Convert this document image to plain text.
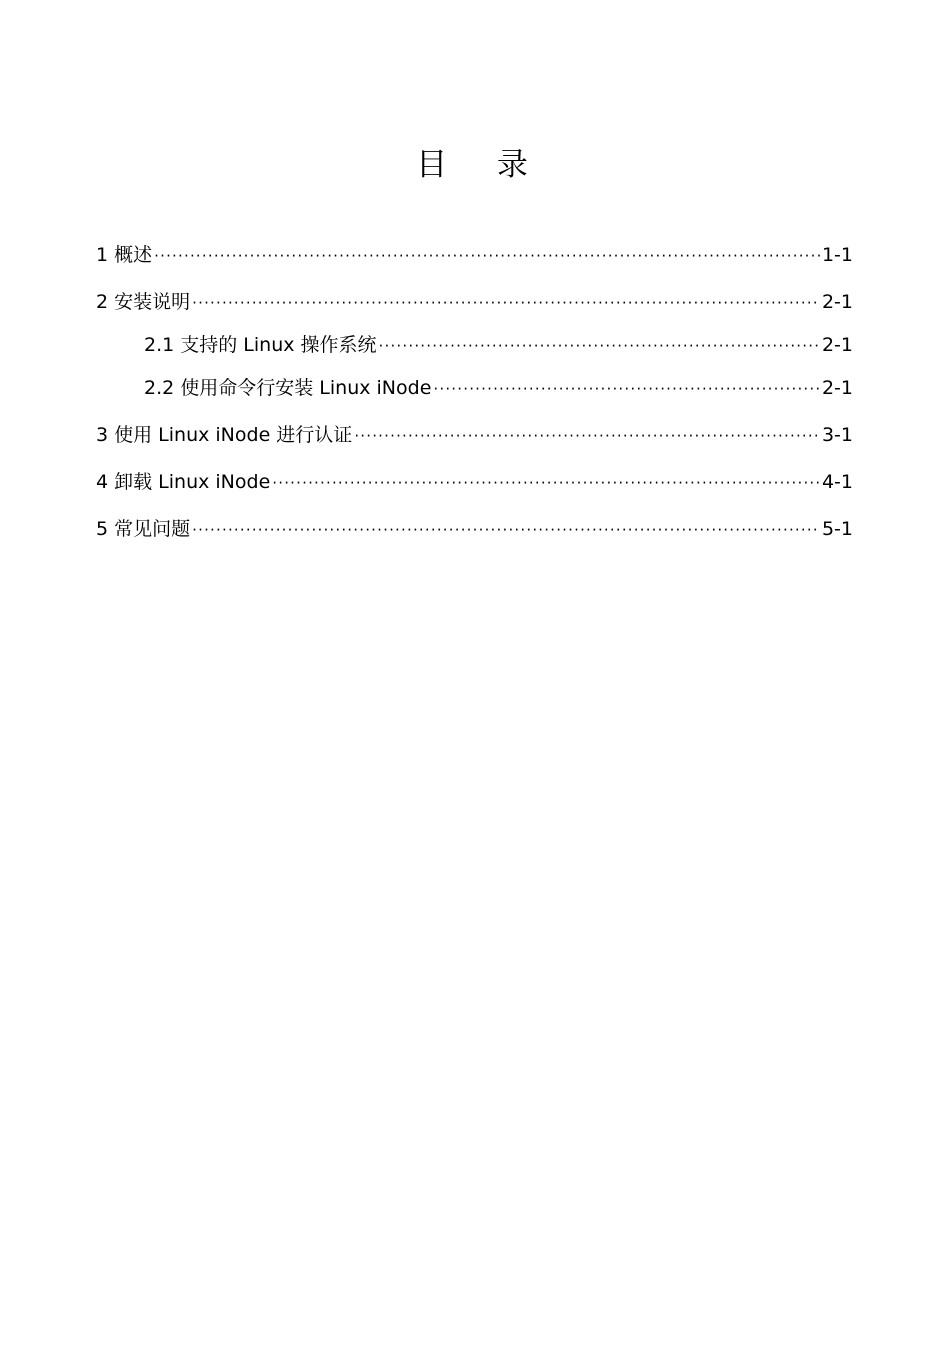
目 录
1 概述 ·····	1-1
2 安装说明 ·····	2-1
2.1 支持的 Linux 操作系统 ·····	2-1
2.2 使用命令行安装 Linux iNode ·····	2-1
3 使用 Linux iNode 进行认证 ·····	3-1
4 卸载 Linux iNode ·····	4-1
5 常见问题 ·····	5-1
